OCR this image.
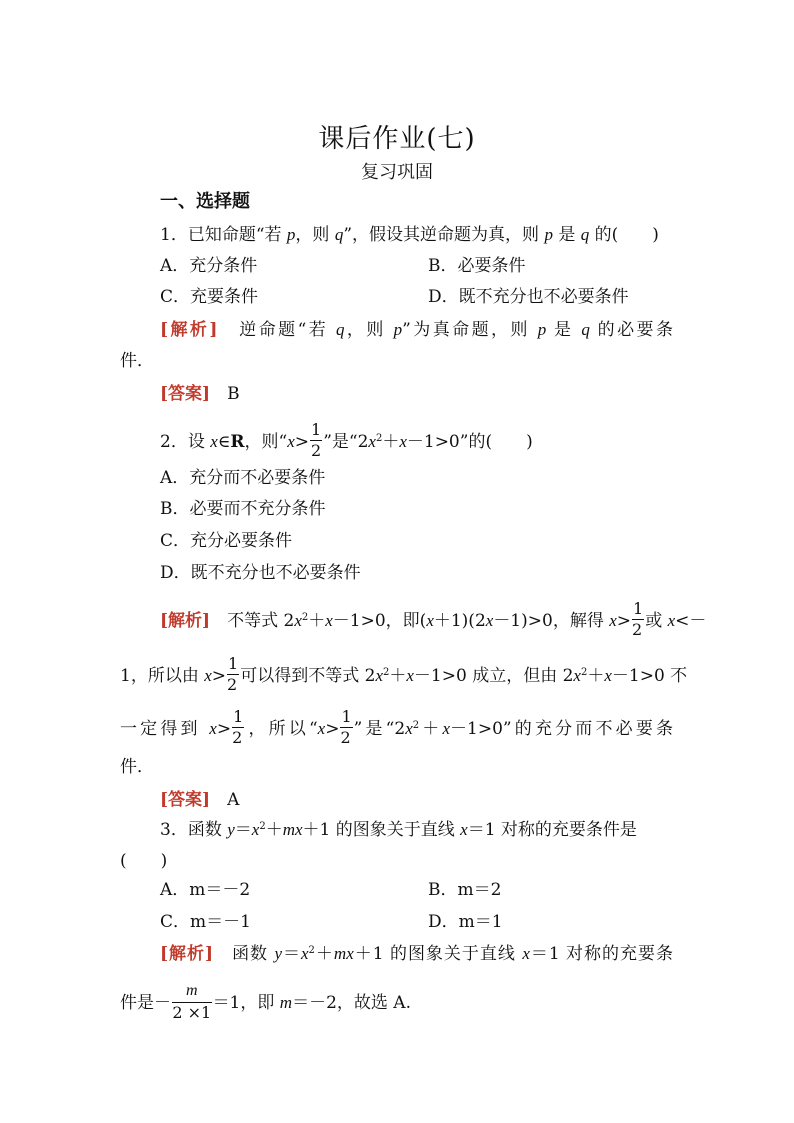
课后作业(七)
复习巩固
一、选择题
1．已知命题“若 p，则 q”，假设其逆命题为真，则 p 是 q 的(　　)
A．充分条件	B．必要条件
C．充要条件	D．既不充分也不必要条件
[解析]　逆命题“若 q，则 p”为真命题，则 p 是 q 的必要条
件．
[答案]　 B
2．设 x∈R，则“$x> \frac{1}{2}$ ”是“$2x^2+x-1>0$”的(　　)
A．充分而不必要条件
B．必要而不充分条件
C．充分必要条件
D．既不充分也不必要条件
[解析]　不等式 $2x^2+x-1>0$，即(x＋1)(2x－1)>0，解得 $x> \frac{1}{2}$ 或 x<－
1，所以由 $x> \frac{1}{2}$ 可以得到不等式 $2x^2+x-1>0$ 成立，但由 $2x^2+x-1>0$ 不
一定得到 $x> \frac{1}{2}$ ，所以“$x> \frac{1}{2}$ ”是“$2x^2+x-1>0$”的充分而不必要条
件．
[答案]　 A
3．函数 $y=x^2+mx+1$ 的图象关于直线 x＝1 对称的充要条件是
(　　)
A．m＝－2	B．m＝2
C．m＝－1	D．m＝1
[解析]　函数 $y=x^2+mx+1$ 的图象关于直线 x＝1 对称的充要条
件是－ $\frac{m}{2 \times 1} =1$，即 m＝－2，故选 A.
